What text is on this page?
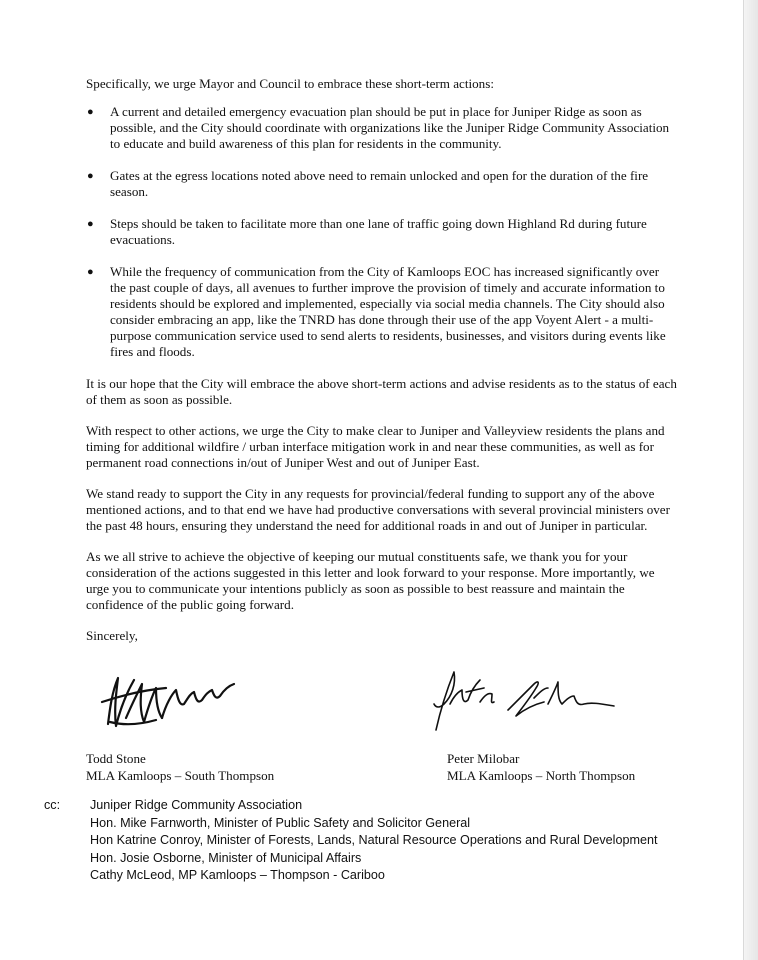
Specifically, we urge Mayor and Council to embrace these short-term actions:

● A current and detailed emergency evacuation plan should be put in place for Juniper Ridge as soon as possible, and the City should coordinate with organizations like the Juniper Ridge Community Association to educate and build awareness of this plan for residents in the community.
● Gates at the egress locations noted above need to remain unlocked and open for the duration of the fire season.
● Steps should be taken to facilitate more than one lane of traffic going down Highland Rd during future evacuations.
● While the frequency of communication from the City of Kamloops EOC has increased significantly over the past couple of days, all avenues to further improve the provision of timely and accurate information to residents should be explored and implemented, especially via social media channels. The City should also consider embracing an app, like the TNRD has done through their use of the app Voyent Alert - a multi-purpose communication service used to send alerts to residents, businesses, and visitors during events like fires and floods.

It is our hope that the City will embrace the above short-term actions and advise residents as to the status of each of them as soon as possible.

With respect to other actions, we urge the City to make clear to Juniper and Valleyview residents the plans and timing for additional wildfire / urban interface mitigation work in and near these communities, as well as for permanent road connections in/out of Juniper West and out of Juniper East.

We stand ready to support the City in any requests for provincial/federal funding to support any of the above mentioned actions, and to that end we have had productive conversations with several provincial ministers over the past 48 hours, ensuring they understand the need for additional roads in and out of Juniper in particular.

As we all strive to achieve the objective of keeping our mutual constituents safe, we thank you for your consideration of the actions suggested in this letter and look forward to your response. More importantly, we urge you to communicate your intentions publicly as soon as possible to best reassure and maintain the confidence of the public going forward.

Sincerely,

Todd Stone
MLA Kamloops – South Thompson
Peter Milobar
MLA Kamloops – North Thompson
cc: Juniper Ridge Community Association
Hon. Mike Farnworth, Minister of Public Safety and Solicitor General
Hon Katrine Conroy, Minister of Forests, Lands, Natural Resource Operations and Rural Development
Hon. Josie Osborne, Minister of Municipal Affairs
Cathy McLeod, MP Kamloops – Thompson - Cariboo
